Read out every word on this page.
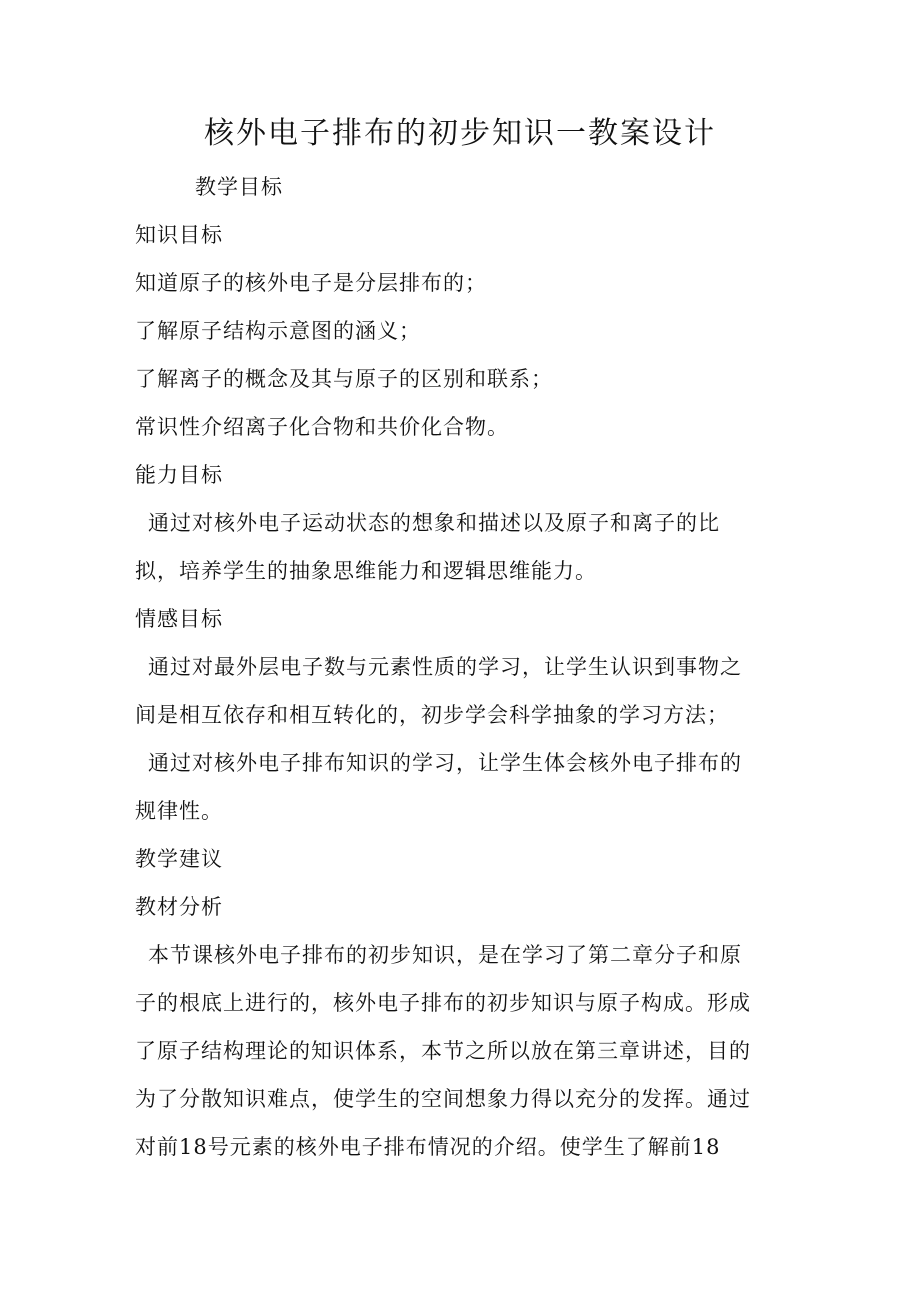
核外电子排布的初步知识一教案设计
教学目标
知识目标
知道原子的核外电子是分层排布的；
了解原子结构示意图的涵义；
了解离子的概念及其与原子的区别和联系；
常识性介绍离子化合物和共价化合物。
能力目标
通过对核外电子运动状态的想象和描述以及原子和离子的比
拟，培养学生的抽象思维能力和逻辑思维能力。
情感目标
通过对最外层电子数与元素性质的学习，让学生认识到事物之
间是相互依存和相互转化的，初步学会科学抽象的学习方法；
通过对核外电子排布知识的学习，让学生体会核外电子排布的
规律性。
教学建议
教材分析
本节课核外电子排布的初步知识，是在学习了第二章分子和原
子的根底上进行的，核外电子排布的初步知识与原子构成。形成
了原子结构理论的知识体系，本节之所以放在第三章讲述，目的
为了分散知识难点，使学生的空间想象力得以充分的发挥。通过
对前18号元素的核外电子排布情况的介绍。使学生了解前18
